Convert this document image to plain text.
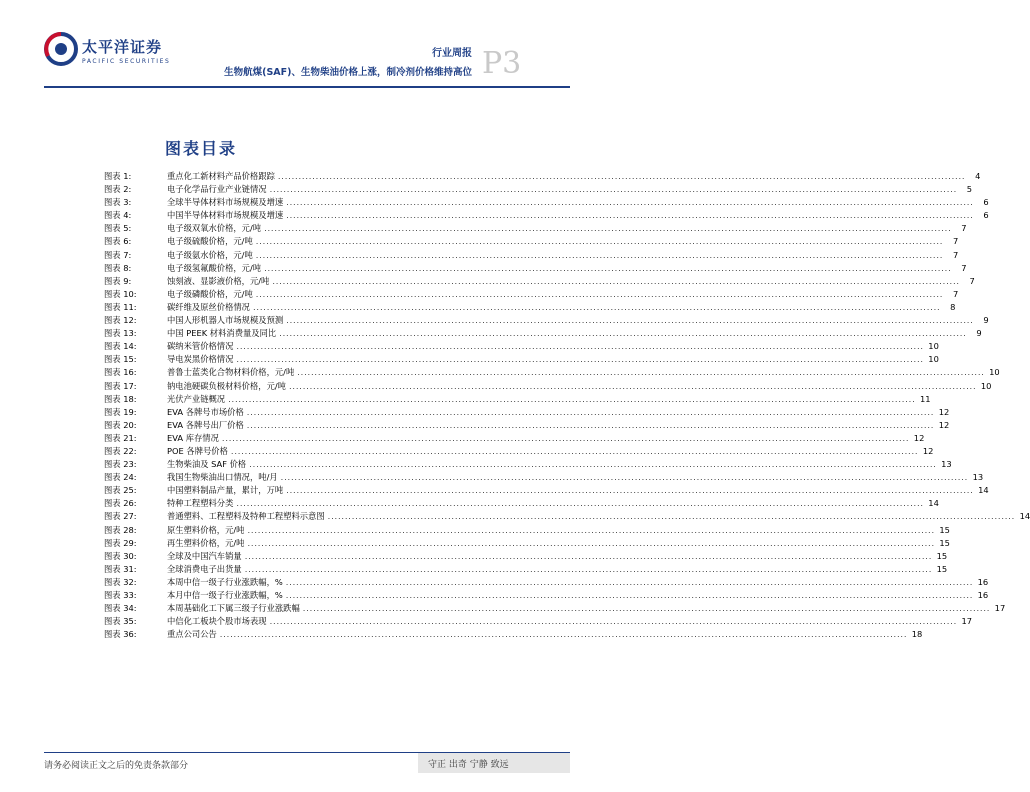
太平洋证券
PACIFIC SECURITIES
行业周报
生物航煤(SAF)、生物柴油价格上涨，制冷剂价格维持高位 P3
图表目录
图表 1:	重点化工新材料产品价格跟踪 ........................................................................................................................................................................................................	4
图表 2:	电子化学品行业产业链情况 ........................................................................................................................................................................................................	5
图表 3:	全球半导体材料市场规模及增速 ........................................................................................................................................................................................................	6
图表 4:	中国半导体材料市场规模及增速 ........................................................................................................................................................................................................	6
图表 5:	电子级双氧水价格，元/吨 ........................................................................................................................................................................................................	7
图表 6:	电子级硫酸价格，元/吨 ........................................................................................................................................................................................................	7
图表 7:	电子级氨水价格，元/吨 ........................................................................................................................................................................................................	7
图表 8:	电子级氢氟酸价格，元/吨 ........................................................................................................................................................................................................	7
图表 9:	蚀刻液、显影液价格，元/吨 ........................................................................................................................................................................................................	7
图表 10:	电子级磷酸价格，元/吨 ........................................................................................................................................................................................................	7
图表 11:	碳纤维及原丝价格情况 ........................................................................................................................................................................................................	8
图表 12:	中国人形机器人市场规模及预测 ........................................................................................................................................................................................................	9
图表 13:	中国 PEEK 材料消费量及同比 ........................................................................................................................................................................................................	9
图表 14:	碳纳米管价格情况 ........................................................................................................................................................................................................ 10
图表 15:	导电炭黑价格情况 ........................................................................................................................................................................................................ 10
图表 16:	普鲁士蓝类化合物材料价格，元/吨 ........................................................................................................................................................................................................ 10
图表 17:	钠电池硬碳负极材料价格，元/吨 ........................................................................................................................................................................................................ 10
图表 18:	光伏产业链概况 ........................................................................................................................................................................................................ 11
图表 19:	EVA 各牌号市场价格 ........................................................................................................................................................................................................ 12
图表 20:	EVA 各牌号出厂价格 ........................................................................................................................................................................................................ 12
图表 21:	EVA 库存情况 ........................................................................................................................................................................................................ 12
图表 22:	POE 各牌号价格 ........................................................................................................................................................................................................ 12
图表 23:	生物柴油及 SAF 价格 ........................................................................................................................................................................................................ 13
图表 24:	我国生物柴油出口情况，吨/月 ........................................................................................................................................................................................................ 13
图表 25:	中国塑料制品产量，累计，万吨 ........................................................................................................................................................................................................ 14
图表 26:	特种工程塑料分类 ........................................................................................................................................................................................................ 14
图表 27:	普通塑料、工程塑料及特种工程塑料示意图 ........................................................................................................................................................................................................ 14
图表 28:	原生塑料价格，元/吨 ........................................................................................................................................................................................................ 15
图表 29:	再生塑料价格，元/吨 ........................................................................................................................................................................................................ 15
图表 30:	全球及中国汽车销量 ........................................................................................................................................................................................................ 15
图表 31:	全球消费电子出货量 ........................................................................................................................................................................................................ 15
图表 32:	本周中信一级子行业涨跌幅，% ........................................................................................................................................................................................................ 16
图表 33:	本月中信一级子行业涨跌幅，% ........................................................................................................................................................................................................ 16
图表 34:	本周基础化工下属三级子行业涨跌幅 ........................................................................................................................................................................................................ 17
图表 35:	中信化工板块个股市场表现 ........................................................................................................................................................................................................ 17
图表 36:	重点公司公告 ........................................................................................................................................................................................................ 18
请务必阅读正文之后的免责条款部分	守正 出奇 宁静 致远
